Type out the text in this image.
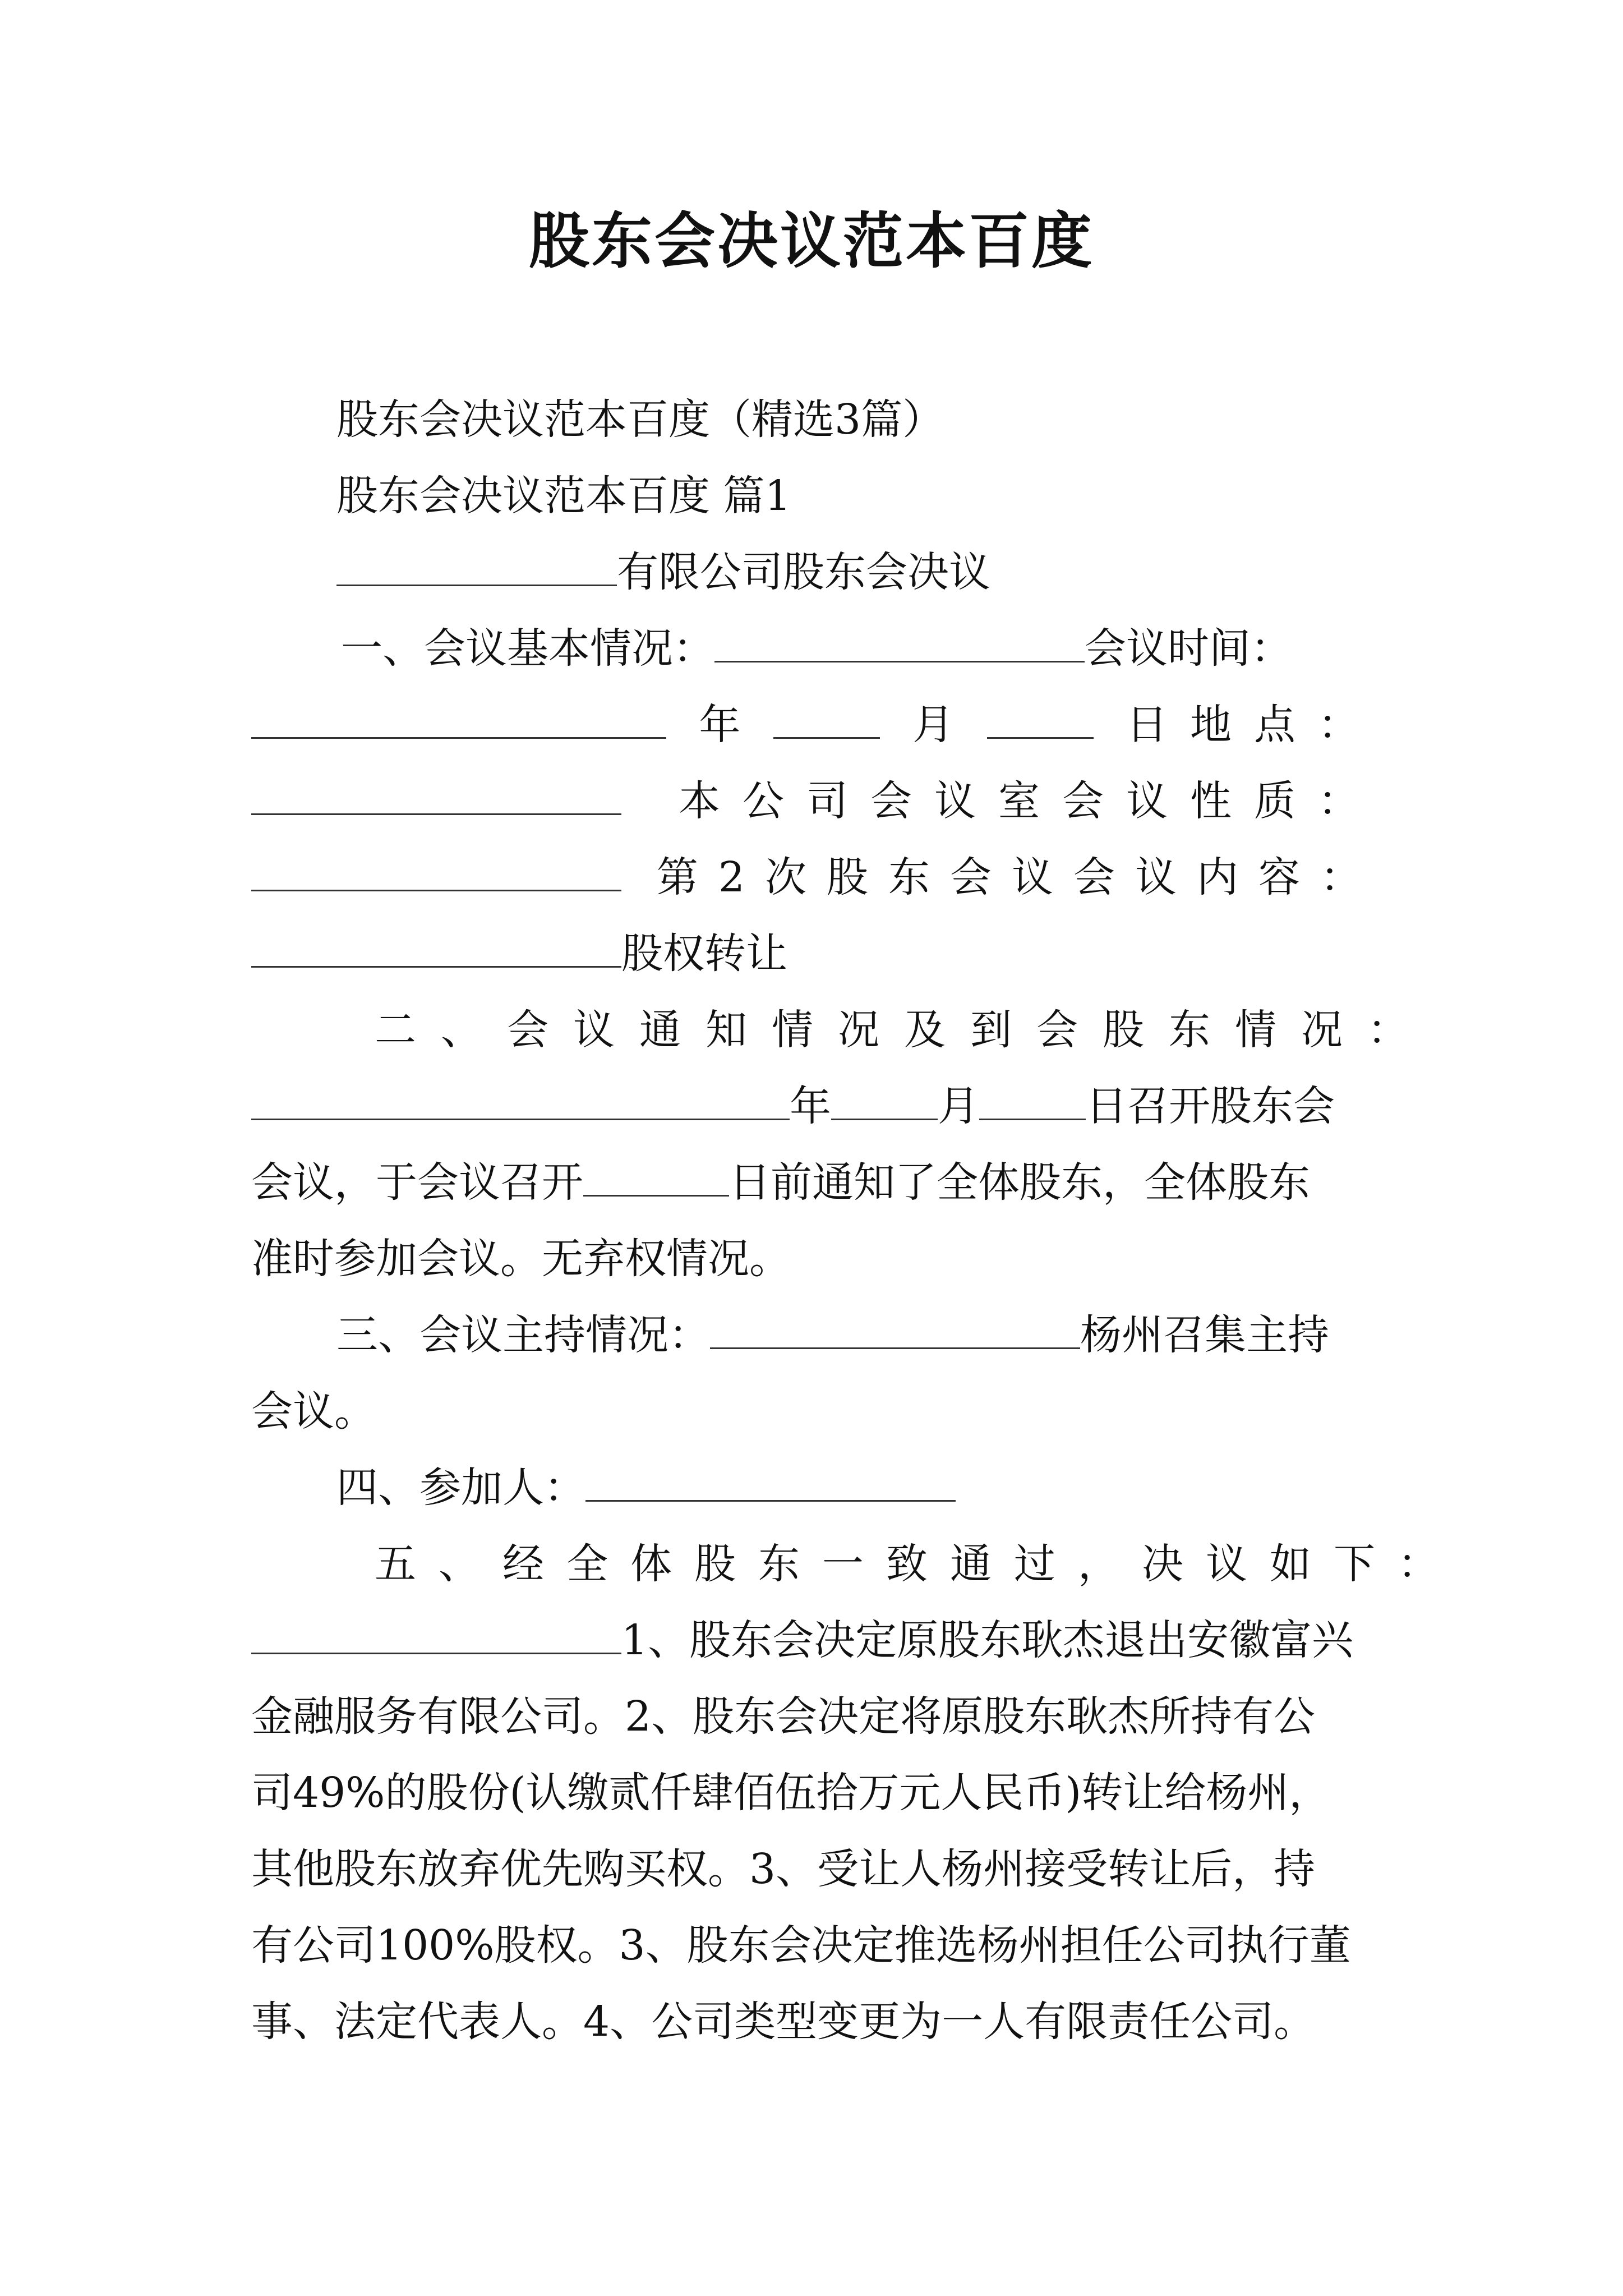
股东会决议范本百度
股东会决议范本百度（精选3篇）
股东会决议范本百度 篇1
有限公司股东会决议
一、会议基本情况：	会议时间：
年	月	日地点：
本公司会议室会议性质：
第2次股东会议会议内容：
股权转让
二、会议通知情况及到会股东情况：
年	月	日召开股东会
会议，于会议召开	日前通知了全体股东，全体股东
准时参加会议。无弃权情况。
三、会议主持情况：	杨州召集主持
会议。
四、参加人：
五、经全体股东一致通过，决议如下：
1、股东会决定原股东耿杰退出安徽富兴
金融服务有限公司。2、股东会决定将原股东耿杰所持有公
司49%的股份(认缴贰仟肆佰伍拾万元人民币)转让给杨州，
其他股东放弃优先购买权。3、受让人杨州接受转让后，持
有公司100%股权。3、股东会决定推选杨州担任公司执行董
事、法定代表人。4、公司类型变更为一人有限责任公司。
